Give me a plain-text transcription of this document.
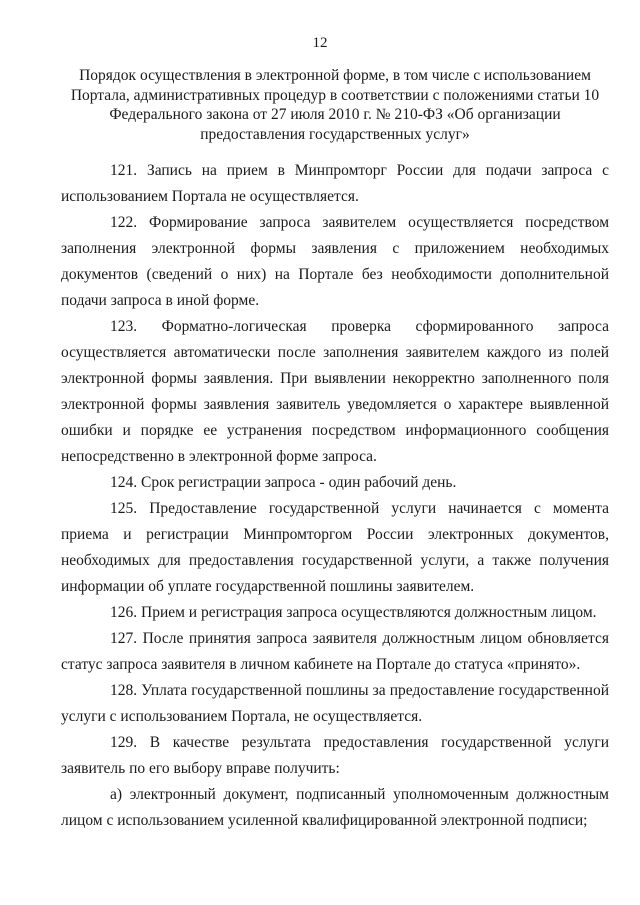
12
Порядок осуществления в электронной форме, в том числе с использованием Портала, административных процедур в соответствии с положениями статьи 10 Федерального закона от 27 июля 2010 г. № 210-ФЗ «Об организации предоставления государственных услуг»

121. Запись на прием в Минпромторг России для подачи запроса с использованием Портала не осуществляется.

122. Формирование запроса заявителем осуществляется посредством заполнения электронной формы заявления с приложением необходимых документов (сведений о них) на Портале без необходимости дополнительной подачи запроса в иной форме.

123. Форматно-логическая проверка сформированного запроса осуществляется автоматически после заполнения заявителем каждого из полей электронной формы заявления. При выявлении некорректно заполненного поля электронной формы заявления заявитель уведомляется о характере выявленной ошибки и порядке ее устранения посредством информационного сообщения непосредственно в электронной форме запроса.

124. Срок регистрации запроса - один рабочий день.

125. Предоставление государственной услуги начинается с момента приема и регистрации Минпромторгом России электронных документов, необходимых для предоставления государственной услуги, а также получения информации об уплате государственной пошлины заявителем.

126. Прием и регистрация запроса осуществляются должностным лицом.

127. После принятия запроса заявителя должностным лицом обновляется статус запроса заявителя в личном кабинете на Портале до статуса «принято».

128. Уплата государственной пошлины за предоставление государственной услуги с использованием Портала, не осуществляется.

129. В качестве результата предоставления государственной услуги заявитель по его выбору вправе получить:

а) электронный документ, подписанный уполномоченным должностным лицом с использованием усиленной квалифицированной электронной подписи;
